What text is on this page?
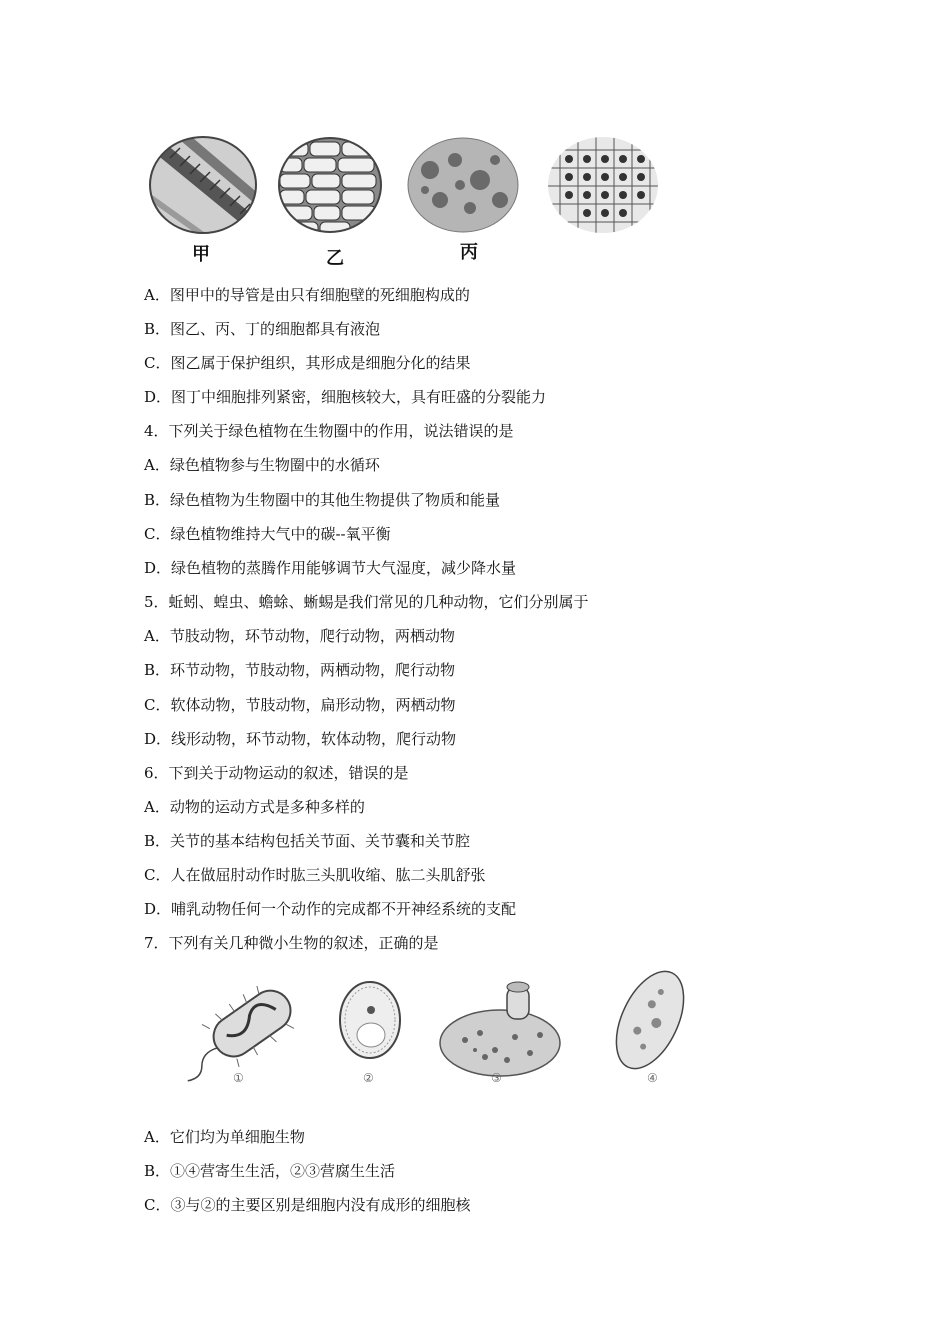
甲	乙	丙
A．图甲中的导管是由只有细胞壁的死细胞构成的
B．图乙、丙、丁的细胞都具有液泡
C．图乙属于保护组织，其形成是细胞分化的结果
D．图丁中细胞排列紧密，细胞核较大，具有旺盛的分裂能力
4．下列关于绿色植物在生物圈中的作用，说法错误的是
A．绿色植物参与生物圈中的水循环
B．绿色植物为生物圈中的其他生物提供了物质和能量
C．绿色植物维持大气中的碳--氧平衡
D．绿色植物的蒸腾作用能够调节大气湿度，减少降水量
5．蚯蚓、蝗虫、蟾蜍、蜥蜴是我们常见的几种动物，它们分别属于
A．节肢动物，环节动物，爬行动物，两栖动物
B．环节动物，节肢动物，两栖动物，爬行动物
C．软体动物，节肢动物，扁形动物，两栖动物
D．线形动物，环节动物，软体动物，爬行动物
6．下到关于动物运动的叙述，错误的是
A．动物的运动方式是多种多样的
B．关节的基本结构包括关节面、关节囊和关节腔
C．人在做屈肘动作时肱三头肌收缩、肱二头肌舒张
D．哺乳动物任何一个动作的完成都不开神经系统的支配
7．下列有关几种微小生物的叙述，正确的是
①	②	③	④
A．它们均为单细胞生物
B．①④营寄生生活，②③营腐生生活
C．③与②的主要区别是细胞内没有成形的细胞核
